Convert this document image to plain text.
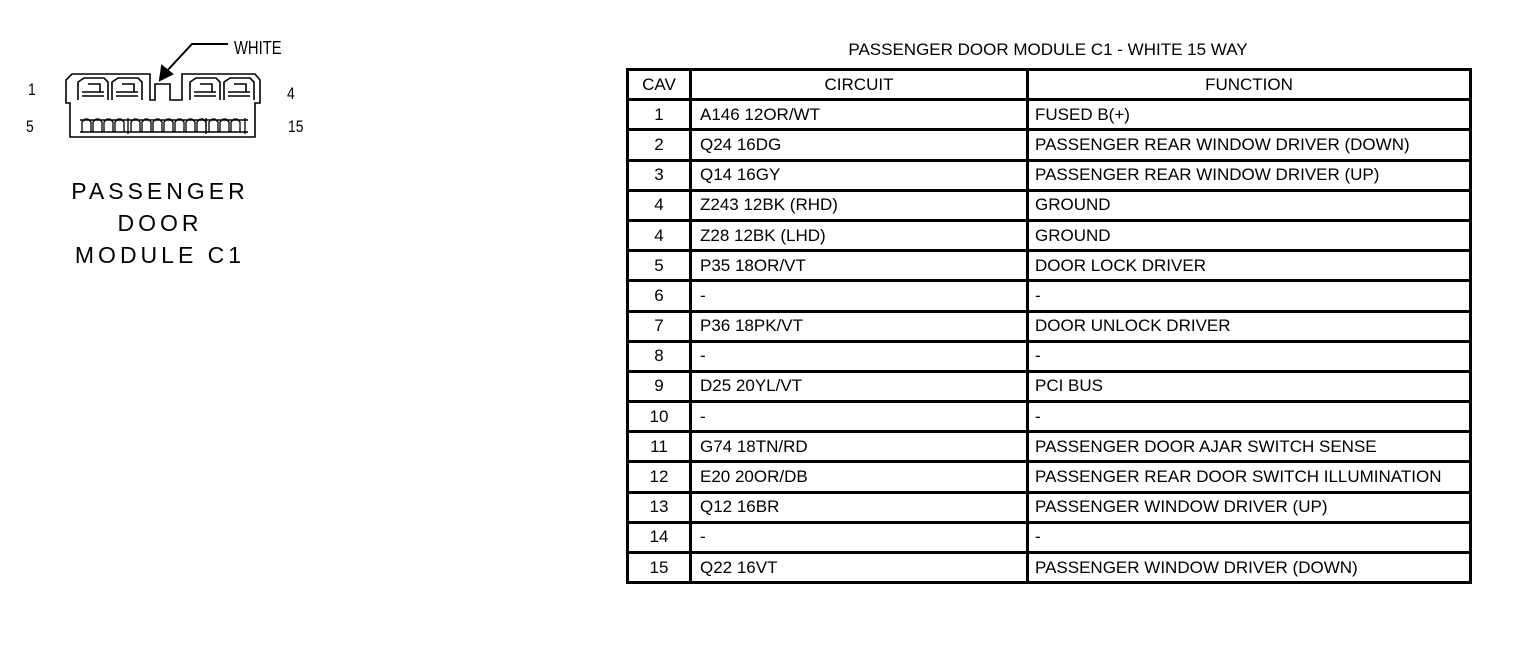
WHITE
1	4
5	15
PASSENGER
DOOR
MODULE C1
PASSENGER DOOR MODULE C1 - WHITE 15 WAY
CAV	CIRCUIT	FUNCTION
1	A146 12OR/WT	FUSED B(+)
2	Q24 16DG	PASSENGER REAR WINDOW DRIVER (DOWN)
3	Q14 16GY	PASSENGER REAR WINDOW DRIVER (UP)
4	Z243 12BK (RHD)	GROUND
4	Z28 12BK (LHD)	GROUND
5	P35 18OR/VT	DOOR LOCK DRIVER
6	-	-
7	P36 18PK/VT	DOOR UNLOCK DRIVER
8	-	-
9	D25 20YL/VT	PCI BUS
10	-	-
11	G74 18TN/RD	PASSENGER DOOR AJAR SWITCH SENSE
12	E20 20OR/DB	PASSENGER REAR DOOR SWITCH ILLUMINATION
13	Q12 16BR	PASSENGER WINDOW DRIVER (UP)
14	-	-
15	Q22 16VT	PASSENGER WINDOW DRIVER (DOWN)
